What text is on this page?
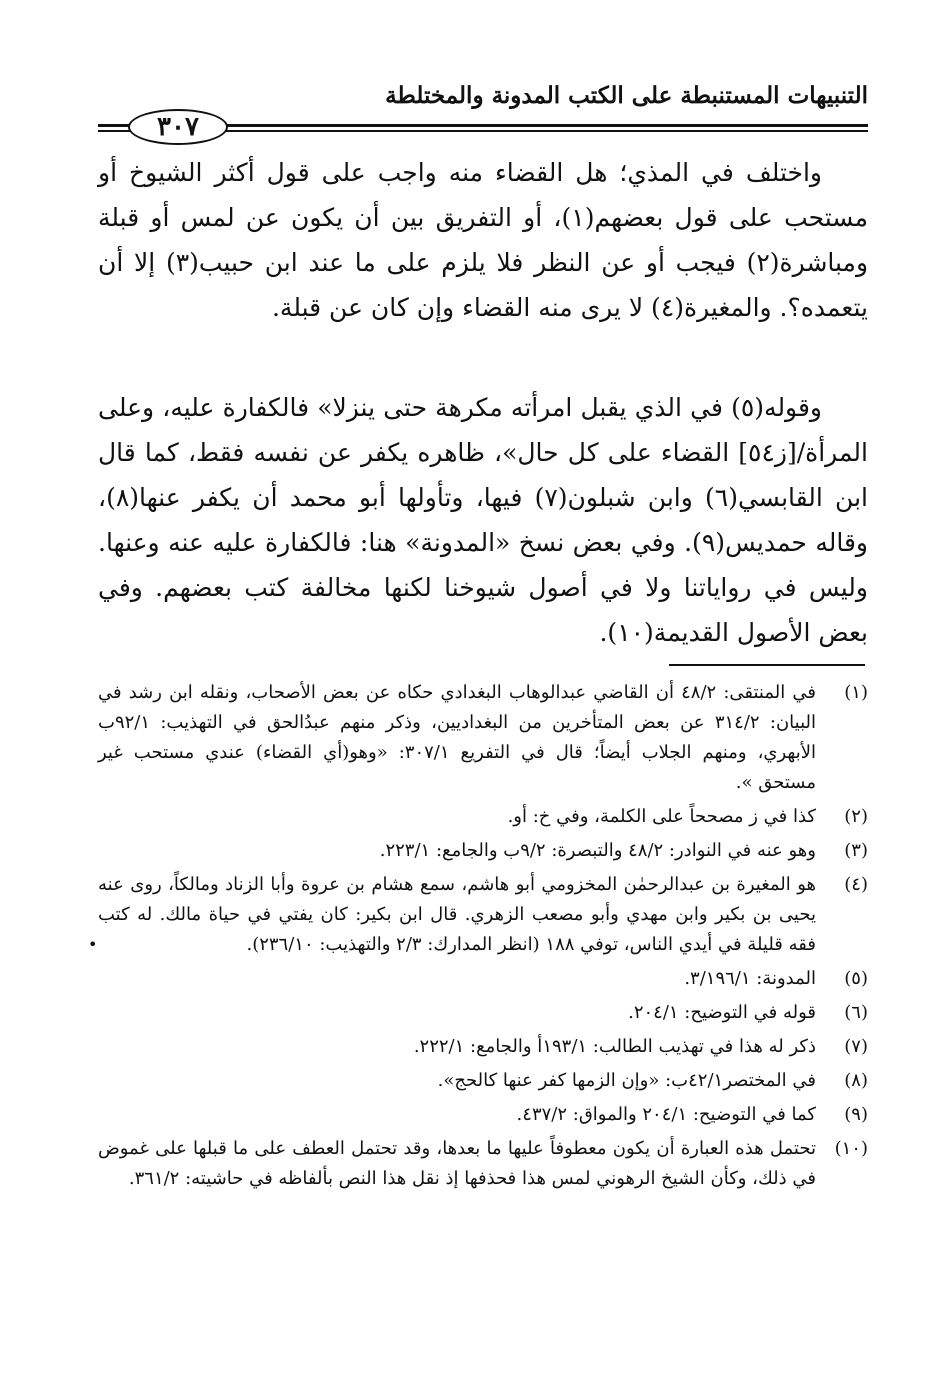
التنبيهات المستنبطة على الكتب المدونة والمختلطة
٣٠٧

واختلف في المذي؛ هل القضاء منه واجب على قول أكثر الشيوخ أو مستحب على قول بعضهم(١)، أو التفريق بين أن يكون عن لمس أو قبلة ومباشرة(٢) فيجب أو عن النظر فلا يلزم على ما عند ابن حبيب(٣) إلا أن يتعمده؟. والمغيرة(٤) لا يرى منه القضاء وإن كان عن قبلة.

وقوله(٥) في الذي يقبل امرأته مكرهة حتى ينزلا» فالكفارة عليه، وعلى المرأة/[ز٥٤] القضاء على كل حال»، ظاهره يكفر عن نفسه فقط، كما قال ابن القابسي(٦) وابن شبلون(٧) فيها، وتأولها أبو محمد أن يكفر عنها(٨)، وقاله حمديس(٩). وفي بعض نسخ «المدونة» هنا: فالكفارة عليه عنه وعنها. وليس في رواياتنا ولا في أصول شيوخنا لكنها مخالفة كتب بعضهم. وفي بعض الأصول القديمة(١٠).

(١)
في المنتقى: ٤٨/٢ أن القاضي عبدالوهاب البغدادي حكاه عن بعض الأصحاب، ونقله ابن رشد في البيان: ٣١٤/٢ عن بعض المتأخرين من البغداديين، وذكر منهم عبدُالحق في التهذيب: ٩٢/١ب الأبهري، ومنهم الجلاب أيضاً؛ قال في التفريع ٣٠٧/١: «وهو(أي القضاء) عندي مستحب غير مستحق ».

(٢)
كذا في ز مصححاً على الكلمة، وفي خ: أو.

(٣)
وهو عنه في النوادر: ٤٨/٢ والتبصرة: ٩/٢ب والجامع: ٢٢٣/١.

(٤)
هو المغيرة بن عبدالرحمٰن المخزومي أبو هاشم، سمع هشام بن عروة وأبا الزناد ومالكاً، روى عنه يحيى بن بكير وابن مهدي وأبو مصعب الزهري. قال ابن بكير: كان يفتي في حياة مالك. له كتب فقه قليلة في أيدي الناس، توفي ١٨٨ (انظر المدارك: ٢/٣ والتهذيب: ٢٣٦/١٠).

(٥)
المدونة: ٣/١٩٦/١.

(٦)
قوله في التوضيح: ٢٠٤/١.

(٧)
ذكر له هذا في تهذيب الطالب: ١٩٣/١أ والجامع: ٢٢٢/١.

(٨)
في المختصر٤٢/١ب: «وإن الزمها كفر عنها كالحج».

(٩)
كما في التوضيح: ٢٠٤/١ والمواق: ٤٣٧/٢.

(١٠)
تحتمل هذه العبارة أن يكون معطوفاً عليها ما بعدها، وقد تحتمل العطف على ما قبلها على غموض في ذلك، وكأن الشيخ الرهوني لمس هذا فحذفها إذ نقل هذا النص بألفاظه في حاشيته: ٣٦١/٢.

•
